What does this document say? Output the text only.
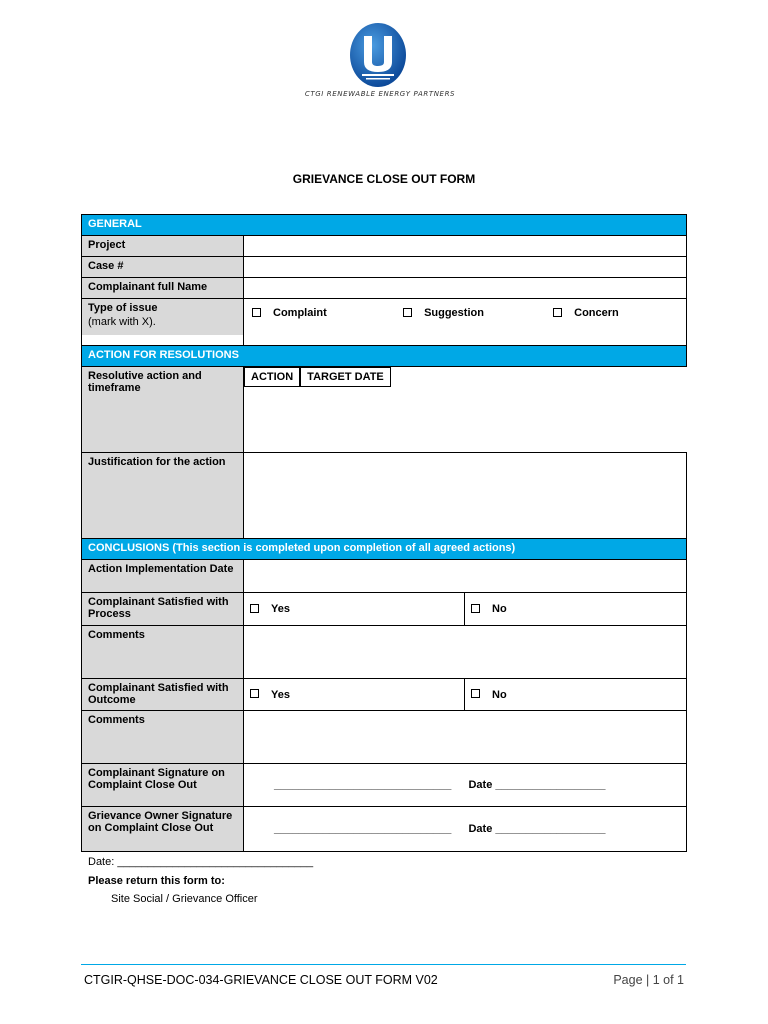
CTGI RENEWABLE ENERGY PARTNERS
GRIEVANCE CLOSE OUT FORM
GENERAL		
Project		
Case #		
Complainant full Name		

Type of issue
(mark with X).	Complaint Suggestion Concern	
ACTION FOR RESOLUTIONS		
Resolutive action and timeframe	ACTION TARGET DATE
Justification for the action		
CONCLUSIONS (This section is completed upon completion of all agreed actions)		
Action Implementation Date		
Complainant Satisfied with Process	Yes	No
Comments		
Complainant Satisfied with Outcome	Yes	No
Comments		
Complainant Signature on Complaint Close Out	_____________________________ Date __________________	
Grievance Owner Signature on Complaint Close Out	_____________________________ Date __________________	
Date: ________________________________
Please return this form to:
Site Social / Grievance Officer
CTGIR-QHSE-DOC-034-GRIEVANCE CLOSE OUT FORM V02	Page | 1 of 1
